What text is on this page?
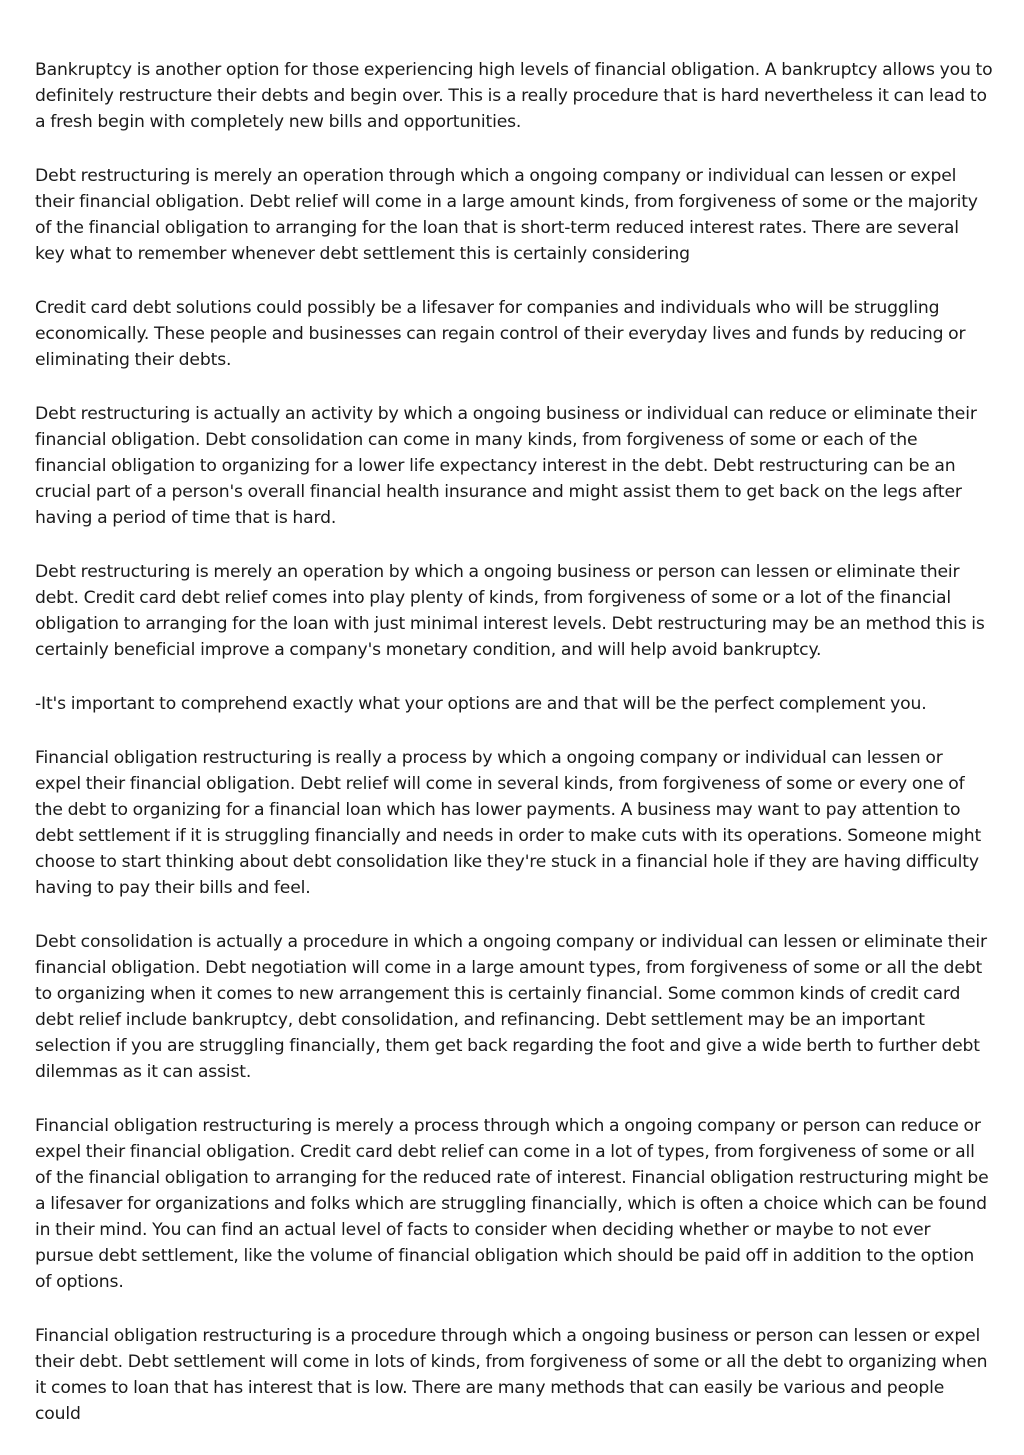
Bankruptcy is another option for those experiencing high levels of financial obligation. A bankruptcy allows you to definitely restructure their debts and begin over. This is a really procedure that is hard nevertheless it can lead to a fresh begin with completely new bills and opportunities.

Debt restructuring is merely an operation through which a ongoing company or individual can lessen or expel their financial obligation. Debt relief will come in a large amount kinds, from forgiveness of some or the majority of the financial obligation to arranging for the loan that is short-term reduced interest rates. There are several key what to remember whenever debt settlement this is certainly considering

Credit card debt solutions could possibly be a lifesaver for companies and individuals who will be struggling economically. These people and businesses can regain control of their everyday lives and funds by reducing or eliminating their debts.

Debt restructuring is actually an activity by which a ongoing business or individual can reduce or eliminate their financial obligation. Debt consolidation can come in many kinds, from forgiveness of some or each of the financial obligation to organizing for a lower life expectancy interest in the debt. Debt restructuring can be an crucial part of a person's overall financial health insurance and might assist them to get back on the legs after having a period of time that is hard.

Debt restructuring is merely an operation by which a ongoing business or person can lessen or eliminate their debt. Credit card debt relief comes into play plenty of kinds, from forgiveness of some or a lot of the financial obligation to arranging for the loan with just minimal interest levels. Debt restructuring may be an method this is certainly beneficial improve a company's monetary condition, and will help avoid bankruptcy.

-It's important to comprehend exactly what your options are and that will be the perfect complement you.

Financial obligation restructuring is really a process by which a ongoing company or individual can lessen or expel their financial obligation. Debt relief will come in several kinds, from forgiveness of some or every one of the debt to organizing for a financial loan which has lower payments. A business may want to pay attention to debt settlement if it is struggling financially and needs in order to make cuts with its operations. Someone might choose to start thinking about debt consolidation like they're stuck in a financial hole if they are having difficulty having to pay their bills and feel.

Debt consolidation is actually a procedure in which a ongoing company or individual can lessen or eliminate their financial obligation. Debt negotiation will come in a large amount types, from forgiveness of some or all the debt to organizing when it comes to new arrangement this is certainly financial. Some common kinds of credit card debt relief include bankruptcy, debt consolidation, and refinancing. Debt settlement may be an important selection if you are struggling financially, them get back regarding the foot and give a wide berth to further debt dilemmas as it can assist.

Financial obligation restructuring is merely a process through which a ongoing company or person can reduce or expel their financial obligation. Credit card debt relief can come in a lot of types, from forgiveness of some or all of the financial obligation to arranging for the reduced rate of interest. Financial obligation restructuring might be a lifesaver for organizations and folks which are struggling financially, which is often a choice which can be found in their mind. You can find an actual level of facts to consider when deciding whether or maybe to not ever pursue debt settlement, like the volume of financial obligation which should be paid off in addition to the option of options.

Financial obligation restructuring is a procedure through which a ongoing business or person can lessen or expel their debt. Debt settlement will come in lots of kinds, from forgiveness of some or all the debt to organizing when it comes to loan that has interest that is low. There are many methods that can easily be various and people could
